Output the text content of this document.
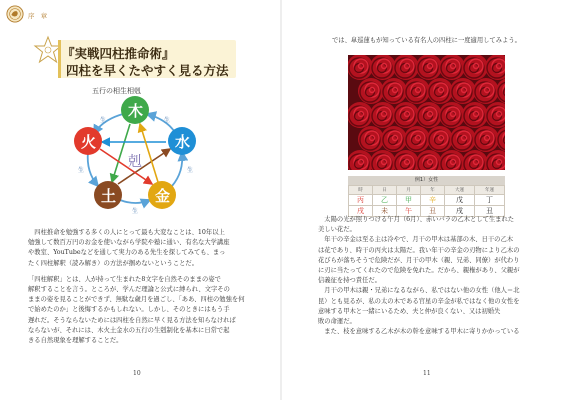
序 章
『実戦四柱推命術』
四柱を早くたやすく見る方法
五行の相生相剋
生	生
生	生
生
剋
木
火
土	金
水

　四柱推命を勉強する多くの人にとって最も大変なことは、10年以上

勉強して数百万円のお金を使いながら学院や塾に通い、有名な大学講座

や教室、YouTubeなどを通して実力のある先生を探してみても、まっ

たく四柱解釈（読み解き）の方法が掴めないということだ。

「四柱解釈」とは、人が持って生まれた8文字を自然そのままの姿で

解釈することを言う。ところが、学んだ理論と公式に縛られ、文字その

ままの姿を見ることができず、無駄な歳月を過ごし、「ああ、四柱の勉強を何

で始めたのか」と後悔するかもしれない。しかし、そのときにはもう手

遅れだ。そうならないためには四柱を自然に早く見る方法を知らなければ

ならないが、それには、木火土金水の五行の生剋制化を基本に日常で起

きる自然現象を理解することだ。

10
では、皐巡蓮もが知っている有名人の四柱に一度適用してみよう。
例1）女性
時	日	月	年	大運	年運
丙	乙	甲	辛	戊	丁
戌	未	午	丑	戌	丑

　太陽の光が照りつける午月（6月）、赤いバラの乙木として生まれた

美しい花だ。

　年干の辛金は至る主は冷やで、月干の甲木は基部の木、日干の乙木

は花であり、時干の丙火は太陽だ。我い年干の辛金の刃物により乙木の

花びらが落ちそうで危険だが、月干の甲木（親、兄弟、同僚）が代わり

に刃に当たってくれたので危険を免れた。だから、親権があり、父親が

信義征を持つ責任だ。

　月干の甲木は親・兄弟になるながら、私ではない他の女性（他人＝北

昆）とも見るが、私の太の木である官星の辛金が私ではなく他の女性を

意味する甲木と一緒にいるため、夫と仲が良くない、又は初婚失

敗の命運だ。

　また、枝を意味する乙木が木の幹を意味する甲木に寄りかかっている

11
